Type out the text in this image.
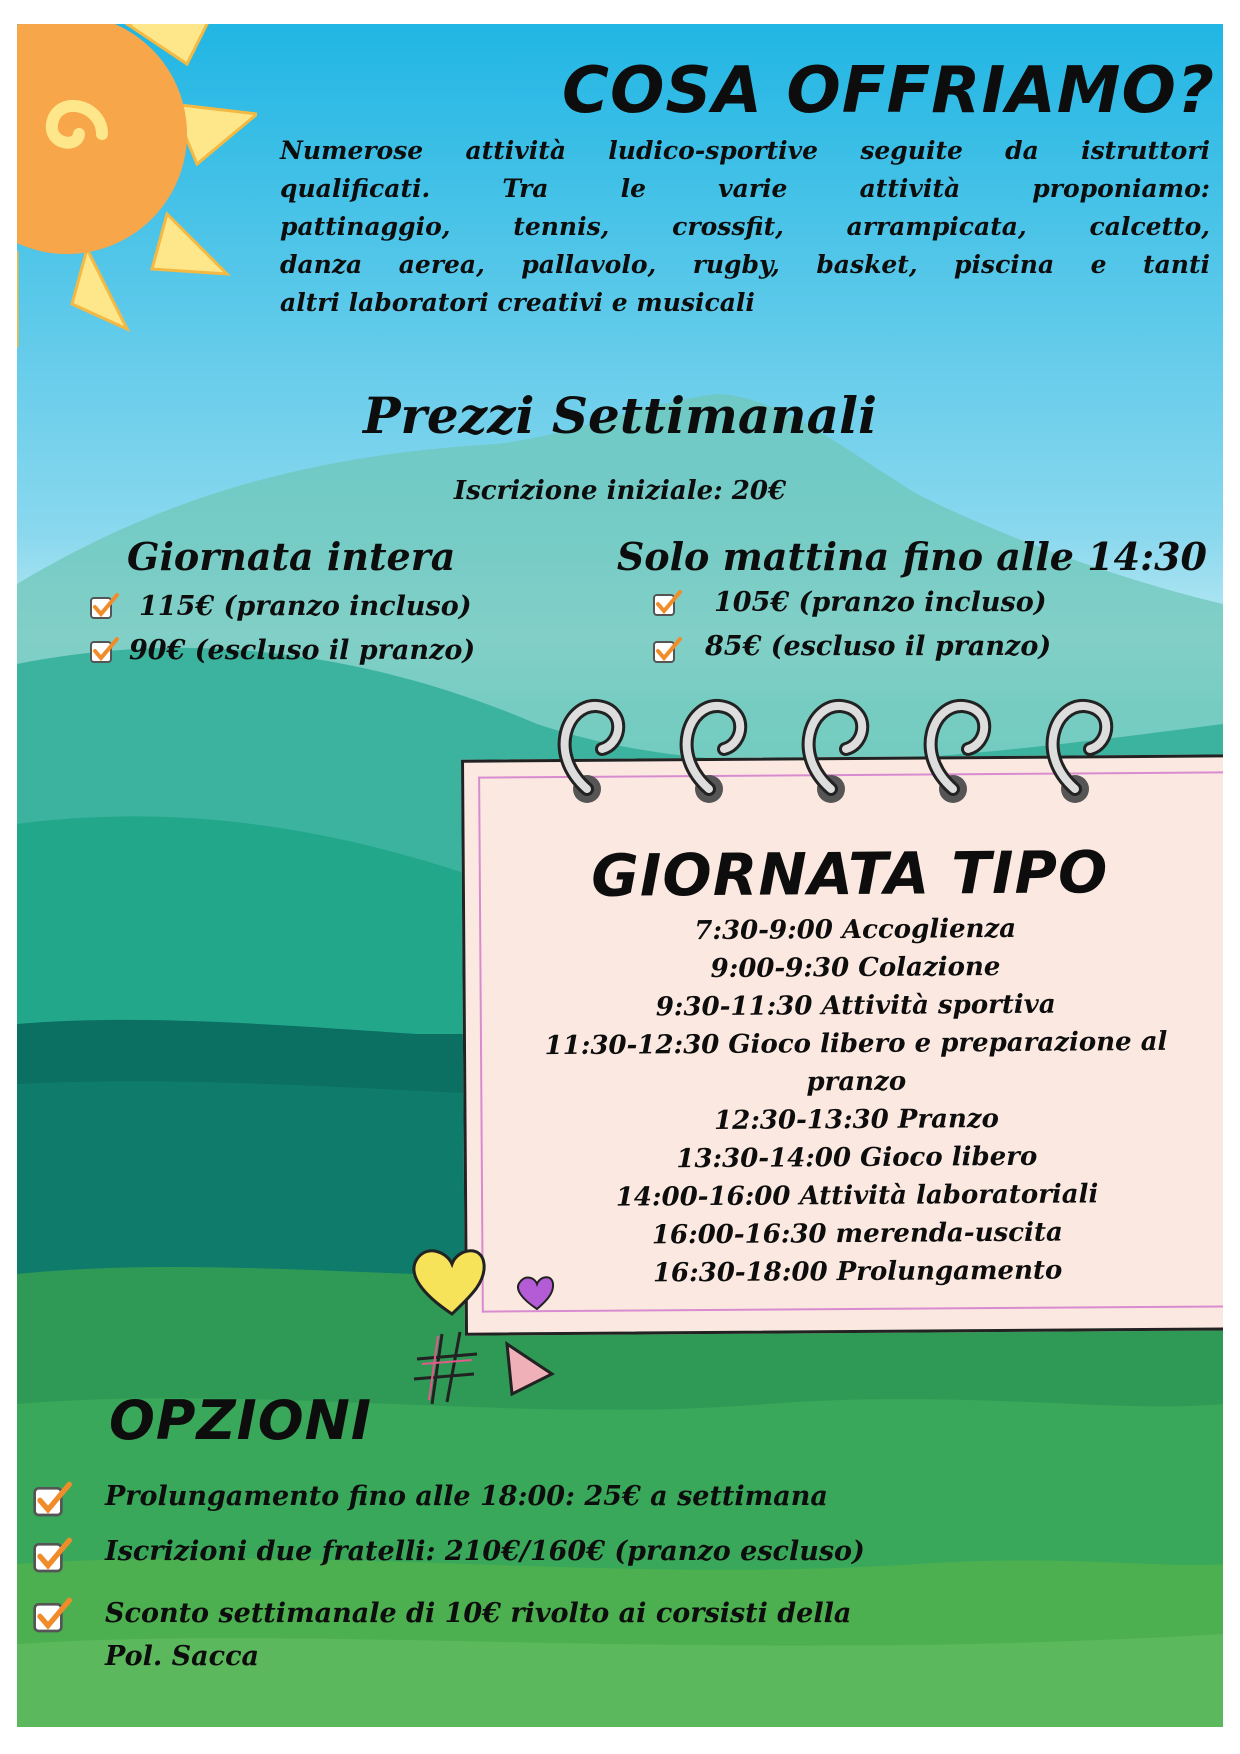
COSA OFFRIAMO?
Numerose attività ludico-sportive seguite da istruttori
qualificati. Tra le varie attività proponiamo:
pattinaggio, tennis, crossfit, arrampicata, calcetto,
danza aerea, pallavolo, rugby, basket, piscina e tanti
altri laboratori creativi e musicali
Prezzi Settimanali
Iscrizione iniziale: 20€
Giornata intera
115€ (pranzo incluso)
90€ (escluso il pranzo)
Solo mattina fino alle 14:30
105€ (pranzo incluso)
85€ (escluso il pranzo)
GIORNATA TIPO
7:30-9:00 Accoglienza
9:00-9:30 Colazione
9:30-11:30 Attività sportiva
11:30-12:30 Gioco libero e preparazione al
pranzo
12:30-13:30 Pranzo
13:30-14:00 Gioco libero
14:00-16:00 Attività laboratoriali
16:00-16:30 merenda-uscita
16:30-18:00 Prolungamento
OPZIONI
Prolungamento fino alle 18:00: 25€ a settimana
Iscrizioni due fratelli: 210€/160€ (pranzo escluso)
Sconto settimanale di 10€ rivolto ai corsisti della
Pol. Sacca
